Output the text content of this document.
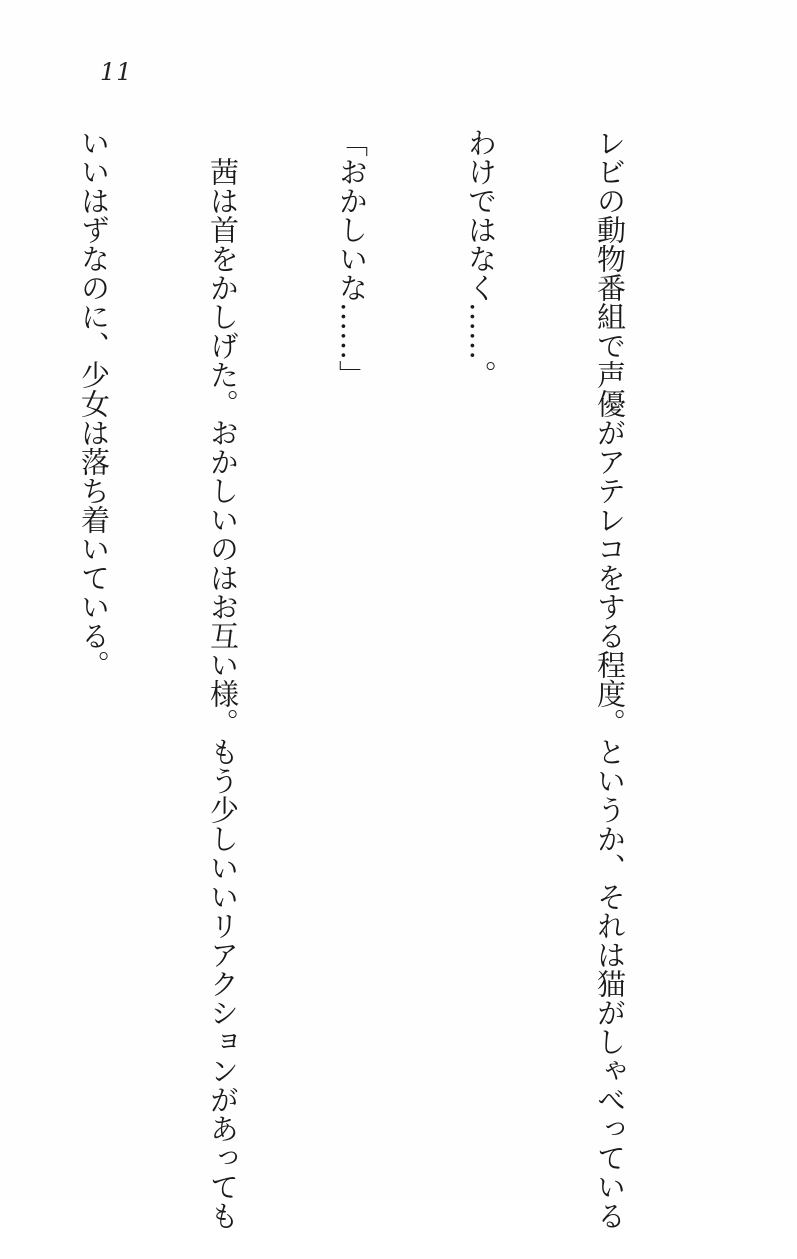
11

レビの動物番組で声優がアテレコをする程度。というか、それは猫がしゃべっている

わけではなく……。

「おかしいな……」

　茜は首をかしげた。おかしいのはお互い様。もう少しいいリアクションがあっても

いいはずなのに、少女は落ち着いている。
